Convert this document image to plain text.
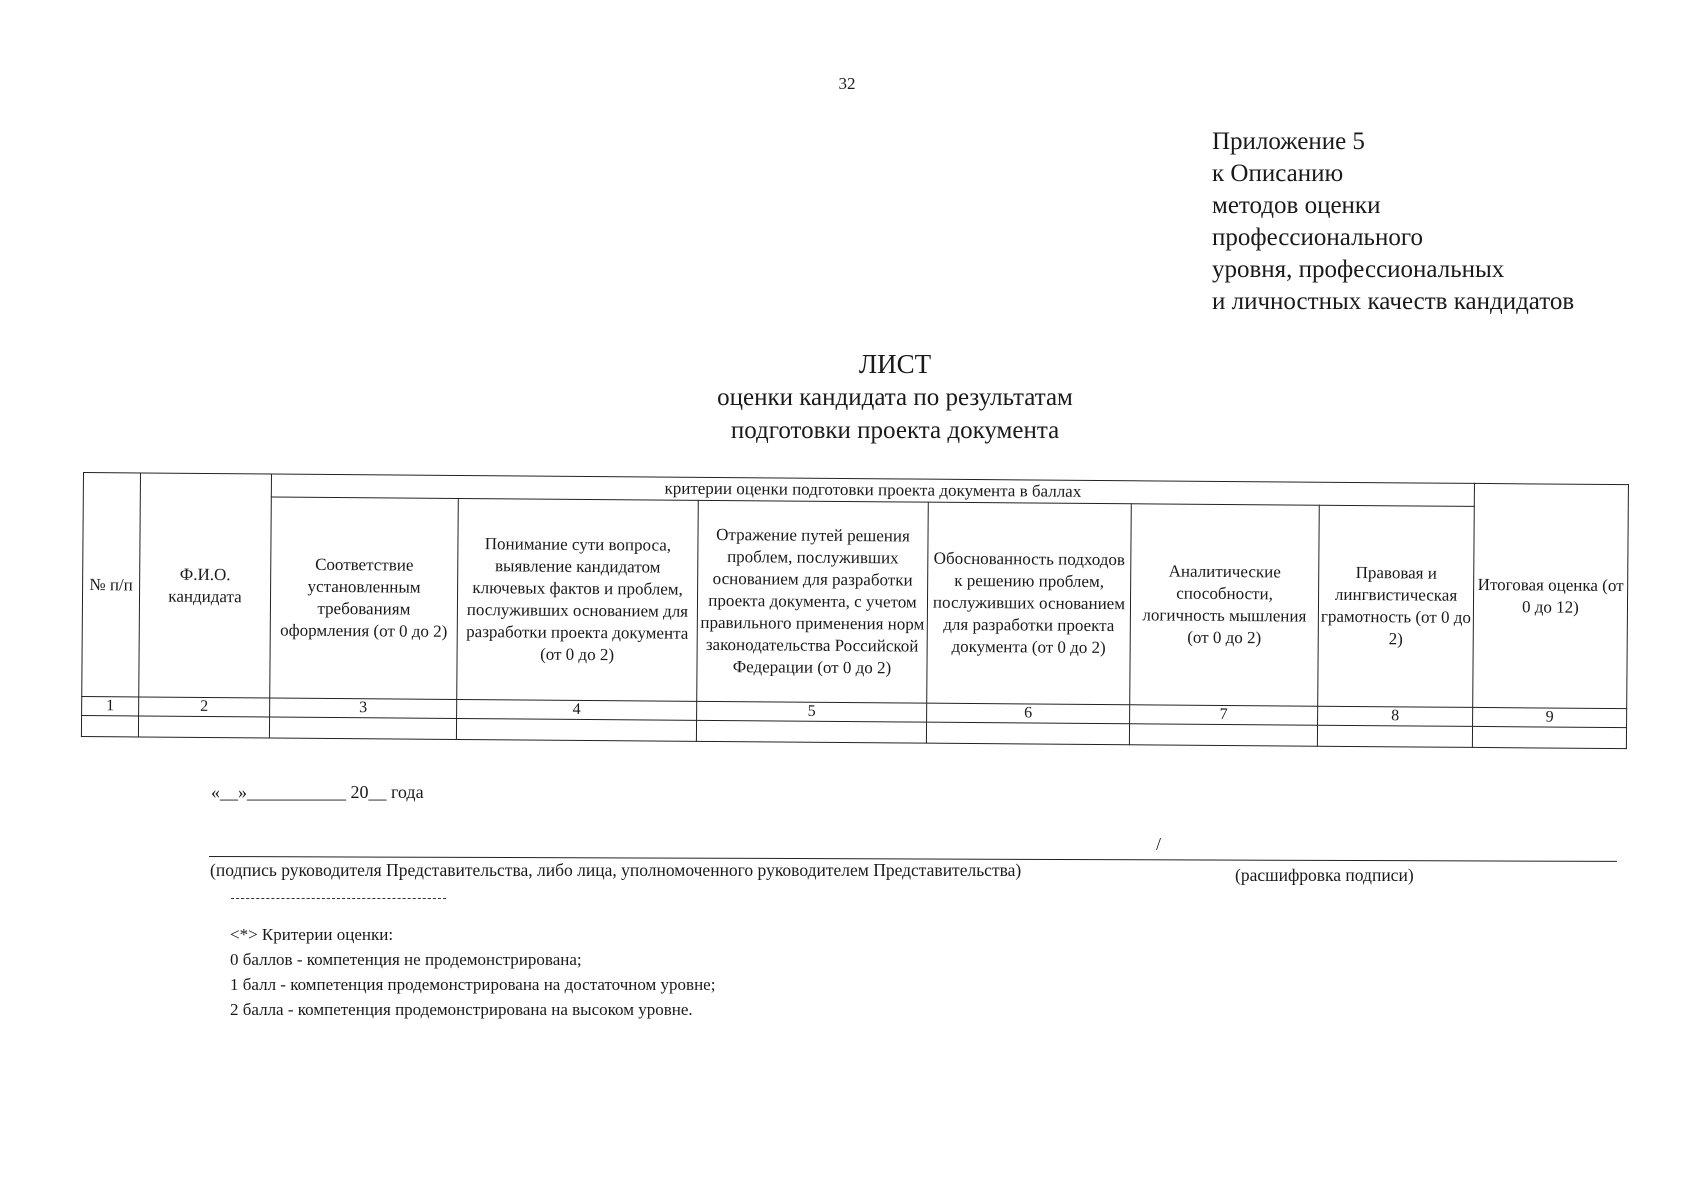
32
Приложение 5
к Описанию
методов оценки
профессионального
уровня, профессиональных
и личностных качеств кандидатов
ЛИСТ
оценки кандидата по результатам
подготовки проекта документа
№ п/п	Ф.И.О. кандидата	критерии оценки подготовки проекта документа в баллах						Итоговая оценка (от 0 до 12)
		Соответствие установленным требованиям оформления (от 0 до 2)	Понимание сути вопроса, выявление кандидатом ключевых фактов и проблем, послуживших основанием для разработки проекта документа (от 0 до 2)	Отражение путей решения проблем, послуживших основанием для разработки проекта документа, с учетом правильного применения норм законодательства Российской Федерации (от 0 до 2)	Обоснованность подходов к решению проблем, послуживших основанием для разработки проекта документа (от 0 до 2)	Аналитические способности, логичность мышления (от 0 до 2)	Правовая и лингвистическая грамотность (от 0 до 2)	
1	2	3	4	5	6	7	8	9

«__»___________ 20__ года
/
(подпись руководителя Представительства, либо лица, уполномоченного руководителем Представительства)	(расшифровка подписи)
<*> Критерии оценки:
0 баллов - компетенция не продемонстрирована;
1 балл - компетенция продемонстрирована на достаточном уровне;
2 балла - компетенция продемонстрирована на высоком уровне.
